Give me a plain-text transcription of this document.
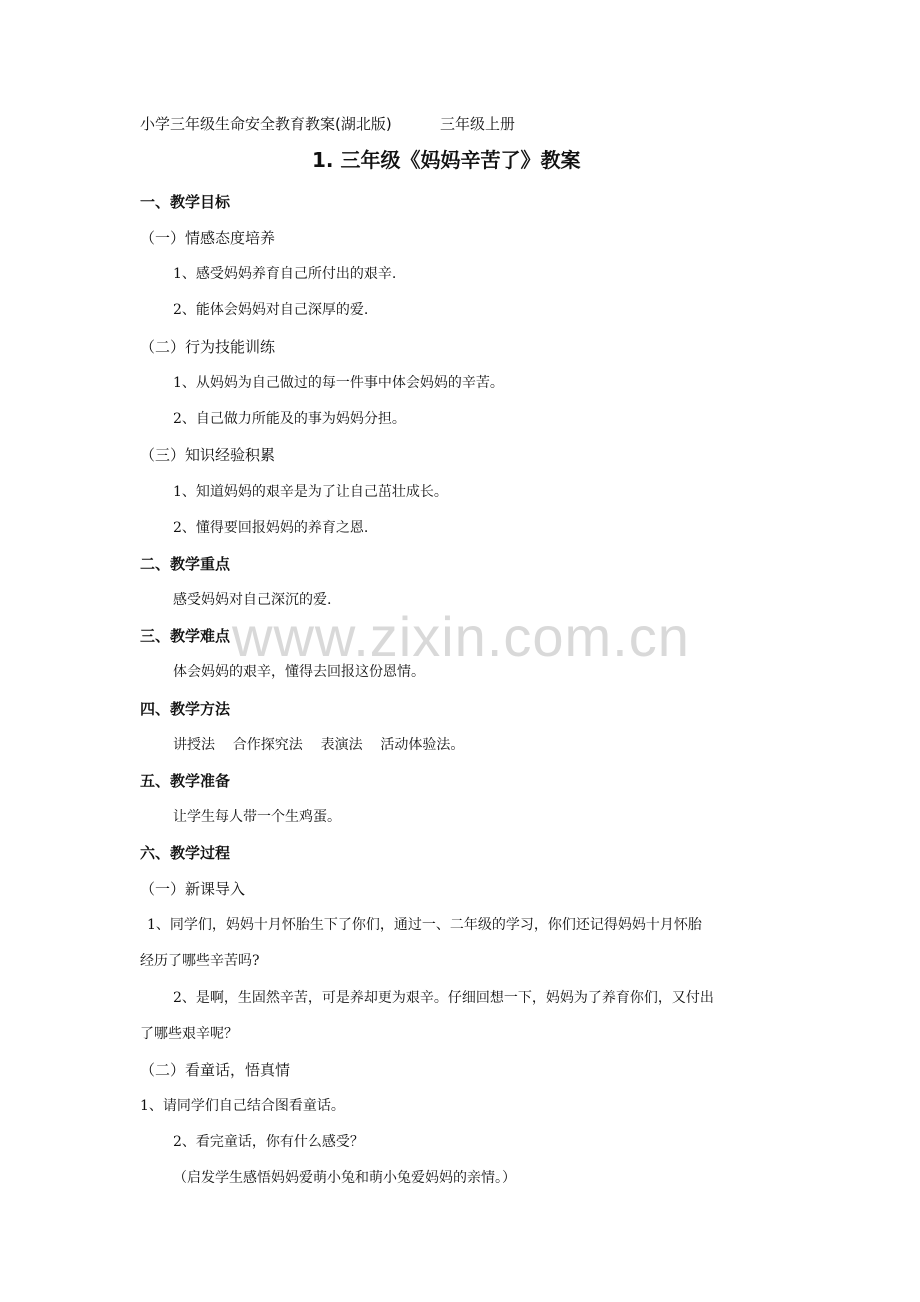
www.zixin.com.cn
小学三年级生命安全教育教案(湖北版)	三年级上册
1. 三年级《妈妈辛苦了》教案
一、教学目标
（一）情感态度培养
1、感受妈妈养育自己所付出的艰辛.
2、能体会妈妈对自己深厚的爱.
（二）行为技能训练
1、从妈妈为自己做过的每一件事中体会妈妈的辛苦。
2、自己做力所能及的事为妈妈分担。
（三）知识经验积累
1、知道妈妈的艰辛是为了让自己茁壮成长。
2、懂得要回报妈妈的养育之恩.
二、教学重点
感受妈妈对自己深沉的爱.
三、教学难点
体会妈妈的艰辛，懂得去回报这份恩情。
四、教学方法
讲授法    合作探究法    表演法    活动体验法。
五、教学准备
让学生每人带一个生鸡蛋。
六、教学过程
（一）新课导入
1、同学们，妈妈十月怀胎生下了你们，通过一、二年级的学习，你们还记得妈妈十月怀胎
经历了哪些辛苦吗?
2、是啊，生固然辛苦，可是养却更为艰辛。仔细回想一下，妈妈为了养育你们，又付出
了哪些艰辛呢？
（二）看童话，悟真情
1、请同学们自己结合图看童话。
2、看完童话，你有什么感受？
（启发学生感悟妈妈爱萌小兔和萌小兔爱妈妈的亲情。）
